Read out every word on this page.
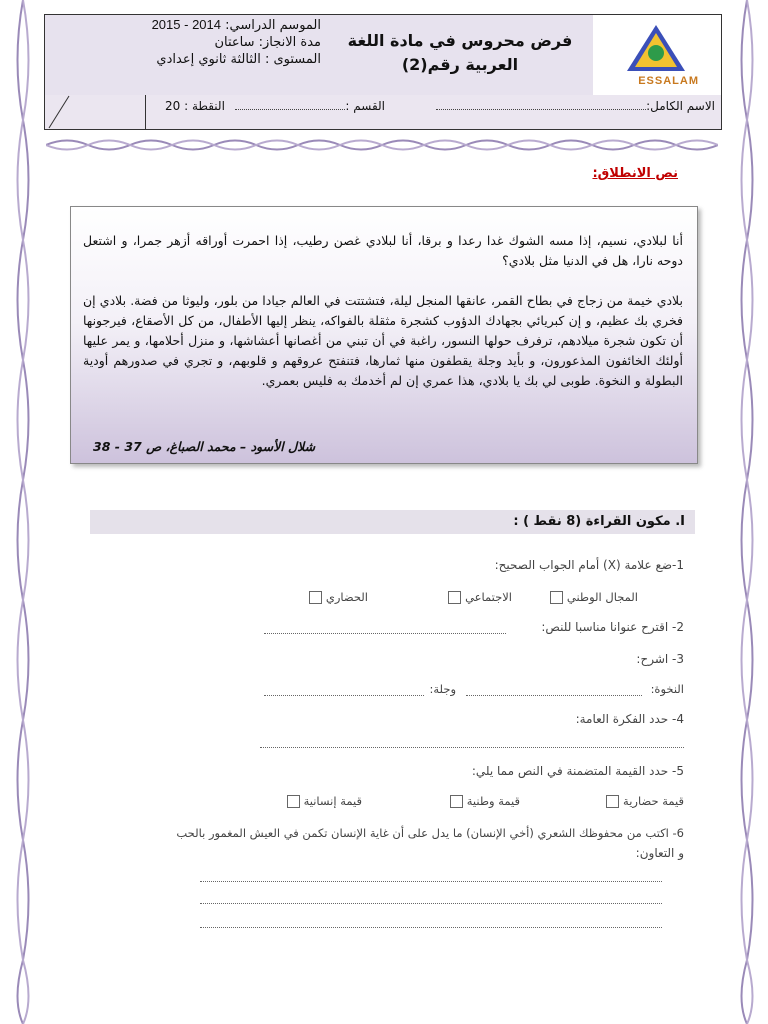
ESSALAM
فرض محروس في مادة اللغة
العربية رقم(2)
الموسم الدراسي: 2014 - 2015
مدة الانجاز: ساعتان
المستوى : الثالثة ثانوي إعدادي
الاسم الكامل:
القسم :
النقطة : 20
نص الانطلاق:
أنا لبلادي، نسيم، إذا مسه الشوك غدا رعدا و برقا، أنا لبلادي غصن رطيب، إذا احمرت أوراقه أزهر جمرا، و اشتعل دوحه نارا، هل في الدنيا مثل بلادي؟
بلادي خيمة من زجاج في بطاح القمر، عانقها المنجل ليلة، فتشتتت في العالم جيادا من بلور، وليوثا من فضة. بلادي إن فخري بك عظيم، و إن كبريائي بجهادك الدؤوب كشجرة مثقلة بالفواكه، ينظر إليها الأطفال، من كل الأصقاع، فيرجونها أن تكون شجرة ميلادهم، ترفرف حولها النسور، راغبة في أن تبني من أغصانها أعشاشها، و منزل أحلامها، و يمر عليها أولئك الخائفون المذعورون، و بأيد وجلة يقطفون منها ثمارها، فتنفتح عروقهم و قلوبهم، و تجري في صدورهم أودية البطولة و النخوة. طوبى لي بك يا بلادي، هذا عمري إن لم أخدمك به فليس بعمري.
شلال الأسود – محمد الصباغ، ص 37 - 38
I. مكون القراءة (8 نقط ) :
1-ضع علامة (X) أمام الجواب الصحيح:
المجال الوطني
الاجتماعي
الحضاري
2- اقترح عنوانا مناسبا للنص:
3- اشرح:
النخوة:
وجلة:
4- حدد الفكرة العامة:
5- حدد القيمة المتضمنة في النص مما يلي:
قيمة حضارية
قيمة وطنية
قيمة إنسانية
6- اكتب من محفوظك الشعري (أخي الإنسان) ما يدل على أن غاية الإنسان تكمن في العيش المغمور بالحب
و التعاون:
